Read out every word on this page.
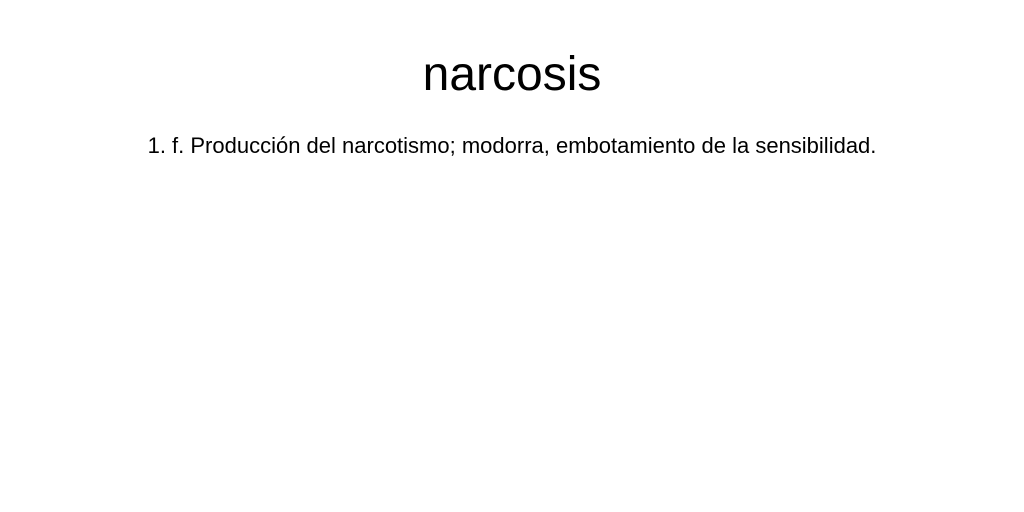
narcosis

1. f. Producción del narcotismo; modorra, embotamiento de la sensibilidad.
